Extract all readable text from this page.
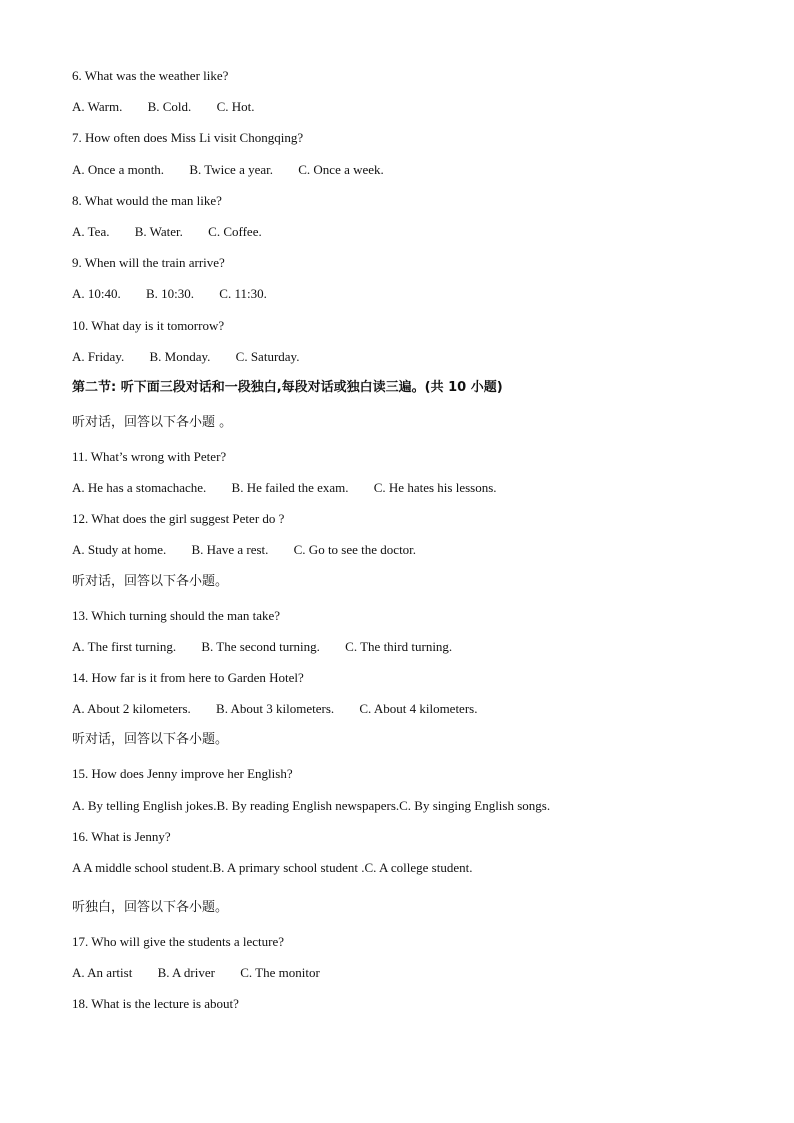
6. What was the weather like?
A. Warm. B. Cold. C. Hot.
7. How often does Miss Li visit Chongqing?
A. Once a month. B. Twice a year. C. Once a week.
8. What would the man like?
A. Tea. B. Water. C. Coffee.
9. When will the train arrive?
A. 10:40. B. 10:30. C. 11:30.
10. What day is it tomorrow?
A. Friday. B. Monday. C. Saturday.
第二节: 听下面三段对话和一段独白,每段对话或独白读三遍。(共 10 小题)
听对话，回答以下各小题 。
11. What’s wrong with Peter?
A. He has a stomachache. B. He failed the exam. C. He hates his lessons.
12. What does the girl suggest Peter do ?
A. Study at home. B. Have a rest. C. Go to see the doctor.
听对话，回答以下各小题。
13. Which turning should the man take?
A. The first turning. B. The second turning. C. The third turning.
14. How far is it from here to Garden Hotel?
A. About 2 kilometers. B. About 3 kilometers. C. About 4 kilometers.
听对话，回答以下各小题。
15. How does Jenny improve her English?
A. By telling English jokes.B. By reading English newspapers.C. By singing English songs.
16. What is Jenny?
A A middle school student.B. A primary school student .C. A college student.
听独白，回答以下各小题。
17. Who will give the students a lecture?
A. An artist B. A driver C. The monitor
18. What is the lecture is about?
